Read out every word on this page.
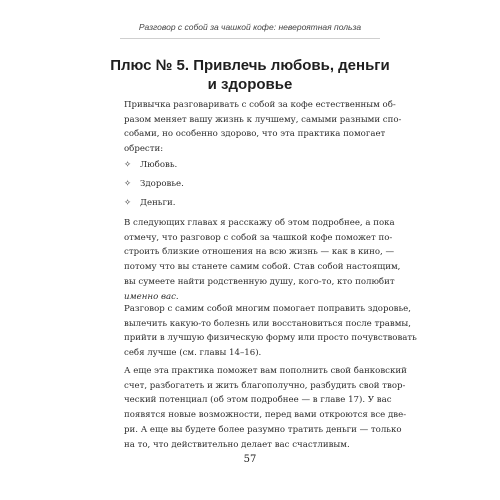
Разговор с собой за чашкой кофе: невероятная польза
Плюс № 5. Привлечь любовь, деньги
и здоровье
Привычка разговаривать с собой за кофе естественным об-
разом меняет вашу жизнь к лучшему, самыми разными спо-
собами, но особенно здорово, что эта практика помогает
обрести:
✧ Любовь.
✧ Здоровье.
✧ Деньги.
В следующих главах я расскажу об этом подробнее, а пока
отмечу, что разговор с собой за чашкой кофе поможет по-
строить близкие отношения на всю жизнь — как в кино, —
потому что вы станете самим собой. Став собой настоящим,
вы сумеете найти родственную душу, кого-то, кто полюбит
именно вас.
Разговор с самим собой многим помогает поправить здоровье,
вылечить какую-то болезнь или восстановиться после травмы,
прийти в лучшую физическую форму или просто почувствовать
себя лучше (см. главы 14–16).
А еще эта практика поможет вам пополнить свой банковский
счет, разбогатеть и жить благополучно, разбудить свой твор-
ческий потенциал (об этом подробнее — в главе 17). У вас
появятся новые возможности, перед вами откроются все две-
ри. А еще вы будете более разумно тратить деньги — только
на то, что действительно делает вас счастливым.
57
